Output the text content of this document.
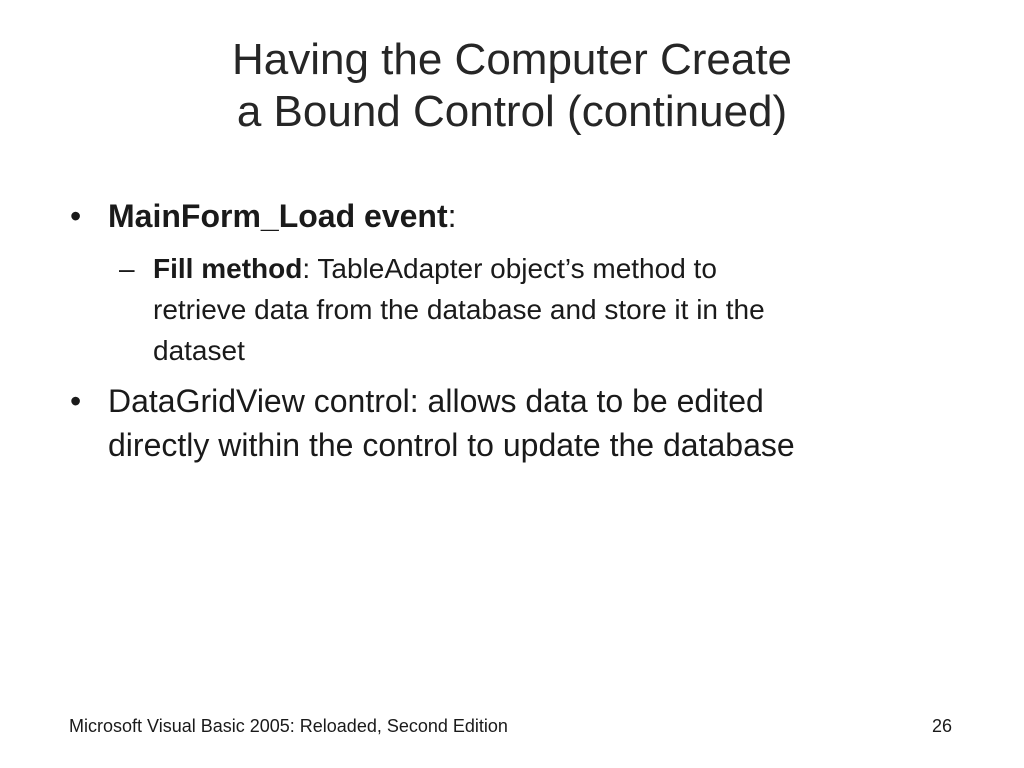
Having the Computer Create
a Bound Control (continued)
• MainForm_Load event:
– Fill method: TableAdapter object’s method to
retrieve data from the database and store it in the
dataset
• DataGridView control: allows data to be edited
directly within the control to update the database
Microsoft Visual Basic 2005: Reloaded, Second Edition	26
